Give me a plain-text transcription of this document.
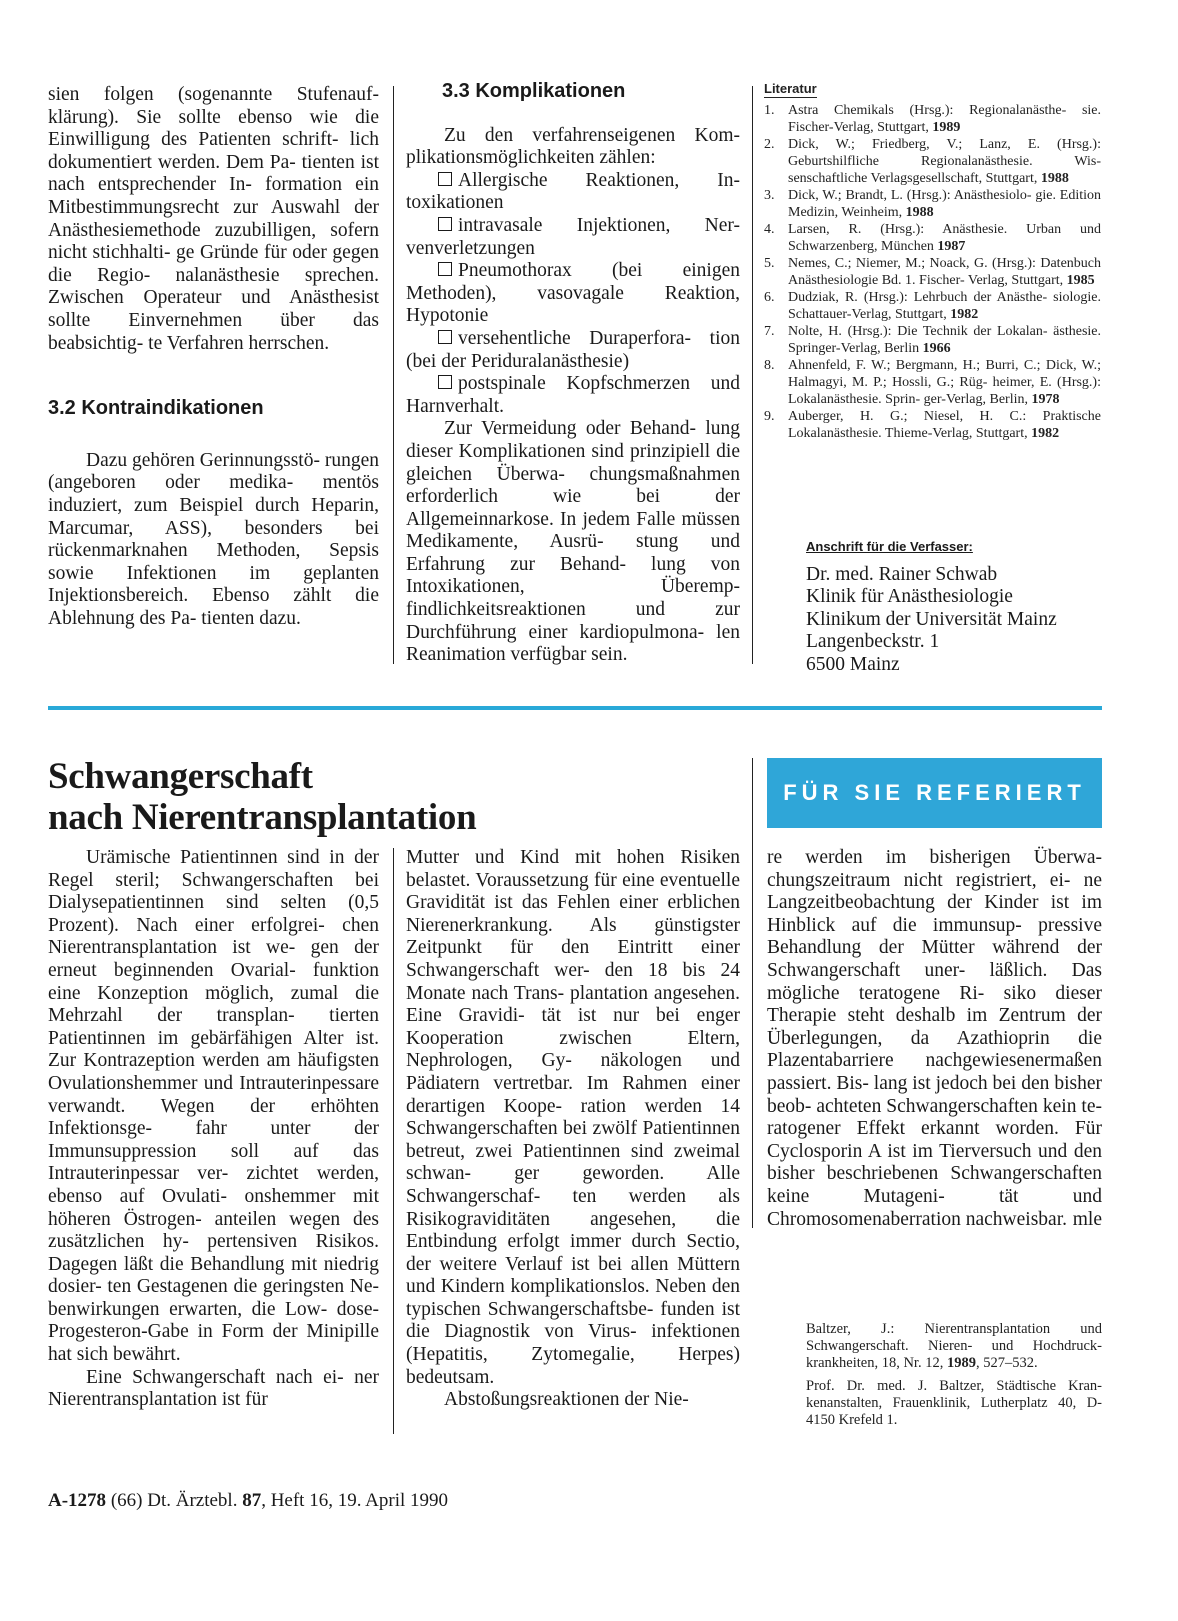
sien folgen (sogenannte Stufenauf- klärung). Sie sollte ebenso wie die Einwilligung des Patienten schrift- lich dokumentiert werden. Dem Pa- tienten ist nach entsprechender In- formation ein Mitbestimmungsrecht zur Auswahl der Anästhesiemethode zuzubilligen, sofern nicht stichhalti- ge Gründe für oder gegen die Regio- nalanästhesie sprechen. Zwischen Operateur und Anästhesist sollte Einvernehmen über das beabsichtig- te Verfahren herrschen.

3.2 Kontraindikationen

Dazu gehören Gerinnungsstö- rungen (angeboren oder medika- mentös induziert, zum Beispiel durch Heparin, Marcumar, ASS), besonders bei rückenmarknahen Methoden, Sepsis sowie Infektionen im geplanten Injektionsbereich. Ebenso zählt die Ablehnung des Pa- tienten dazu.

3.3 Komplikationen

Zu den verfahrenseigenen Kom- plikationsmöglichkeiten zählen:

Allergische Reaktionen, In- toxikationen

intravasale Injektionen, Ner- venverletzungen

Pneumothorax (bei einigen Methoden), vasovagale Reaktion, Hypotonie

versehentliche Duraperfora- tion (bei der Periduralanästhesie)

postspinale Kopfschmerzen und Harnverhalt.

Zur Vermeidung oder Behand- lung dieser Komplikationen sind prinzipiell die gleichen Überwa- chungsmaßnahmen erforderlich wie bei der Allgemeinnarkose. In jedem Falle müssen Medikamente, Ausrü- stung und Erfahrung zur Behand- lung von Intoxikationen, Überemp- findlichkeitsreaktionen und zur Durchführung einer kardiopulmona- len Reanimation verfügbar sein.

Literatur
1. Astra Chemikals (Hrsg.): Regionalanästhe- sie. Fischer-Verlag, Stuttgart, 1989
2. Dick, W.; Friedberg, V.; Lanz, E. (Hrsg.): Geburtshilfliche Regionalanästhesie. Wis- senschaftliche Verlagsgesellschaft, Stuttgart, 1988
3. Dick, W.; Brandt, L. (Hrsg.): Anästhesiolo- gie. Edition Medizin, Weinheim, 1988
4. Larsen, R. (Hrsg.): Anästhesie. Urban und Schwarzenberg, München 1987
5. Nemes, C.; Niemer, M.; Noack, G. (Hrsg.): Datenbuch Anästhesiologie Bd. 1. Fischer- Verlag, Stuttgart, 1985
6. Dudziak, R. (Hrsg.): Lehrbuch der Anästhe- siologie. Schattauer-Verlag, Stuttgart, 1982
7. Nolte, H. (Hrsg.): Die Technik der Lokalan- ästhesie. Springer-Verlag, Berlin 1966
8. Ahnenfeld, F. W.; Bergmann, H.; Burri, C.; Dick, W.; Halmagyi, M. P.; Hossli, G.; Rüg- heimer, E. (Hrsg.): Lokalanästhesie. Sprin- ger-Verlag, Berlin, 1978
9. Auberger, H. G.; Niesel, H. C.: Praktische Lokalanästhesie. Thieme-Verlag, Stuttgart, 1982
Anschrift für die Verfasser:
Dr. med. Rainer Schwab
Klinik für Anästhesiologie
Klinikum der Universität Mainz
Langenbeckstr. 1
6500 Mainz
Schwangerschaft
nach Nierentransplantation
FÜR SIE REFERIERT

Urämische Patientinnen sind in der Regel steril; Schwangerschaften bei Dialysepatientinnen sind selten (0,5 Prozent). Nach einer erfolgrei- chen Nierentransplantation ist we- gen der erneut beginnenden Ovarial- funktion eine Konzeption möglich, zumal die Mehrzahl der transplan- tierten Patientinnen im gebärfähigen Alter ist. Zur Kontrazeption werden am häufigsten Ovulationshemmer und Intrauterinpessare verwandt. Wegen der erhöhten Infektionsge- fahr unter der Immunsuppression soll auf das Intrauterinpessar ver- zichtet werden, ebenso auf Ovulati- onshemmer mit höheren Östrogen- anteilen wegen des zusätzlichen hy- pertensiven Risikos. Dagegen läßt die Behandlung mit niedrig dosier- ten Gestagenen die geringsten Ne- benwirkungen erwarten, die Low- dose-Progesteron-Gabe in Form der Minipille hat sich bewährt.

Eine Schwangerschaft nach ei- ner Nierentransplantation ist für

Mutter und Kind mit hohen Risiken belastet. Voraussetzung für eine eventuelle Gravidität ist das Fehlen einer erblichen Nierenerkrankung. Als günstigster Zeitpunkt für den Eintritt einer Schwangerschaft wer- den 18 bis 24 Monate nach Trans- plantation angesehen. Eine Gravidi- tät ist nur bei enger Kooperation zwischen Eltern, Nephrologen, Gy- näkologen und Pädiatern vertretbar. Im Rahmen einer derartigen Koope- ration werden 14 Schwangerschaften bei zwölf Patientinnen betreut, zwei Patientinnen sind zweimal schwan- ger geworden. Alle Schwangerschaf- ten werden als Risikograviditäten angesehen, die Entbindung erfolgt immer durch Sectio, der weitere Verlauf ist bei allen Müttern und Kindern komplikationslos. Neben den typischen Schwangerschaftsbe- funden ist die Diagnostik von Virus- infektionen (Hepatitis, Zytomegalie, Herpes) bedeutsam.

Abstoßungsreaktionen der Nie-

re werden im bisherigen Überwa- chungszeitraum nicht registriert, ei- ne Langzeitbeobachtung der Kinder ist im Hinblick auf die immunsup- pressive Behandlung der Mütter während der Schwangerschaft uner- läßlich. Das mögliche teratogene Ri- siko dieser Therapie steht deshalb im Zentrum der Überlegungen, da Azathioprin die Plazentabarriere nachgewiesenermaßen passiert. Bis- lang ist jedoch bei den bisher beob- achteten Schwangerschaften kein te- ratogener Effekt erkannt worden. Für Cyclosporin A ist im Tierversuch und den bisher beschriebenen Schwangerschaften keine Mutageni- tät und Chromosomenaberration nachweisbar. mle

Baltzer, J.: Nierentransplantation und Schwangerschaft. Nieren- und Hochdruck- krankheiten, 18, Nr. 12, 1989, 527–532.

Prof. Dr. med. J. Baltzer, Städtische Kran- kenanstalten, Frauenklinik, Lutherplatz 40, D-4150 Krefeld 1.

A-1278 (66) Dt. Ärztebl. 87, Heft 16, 19. April 1990
